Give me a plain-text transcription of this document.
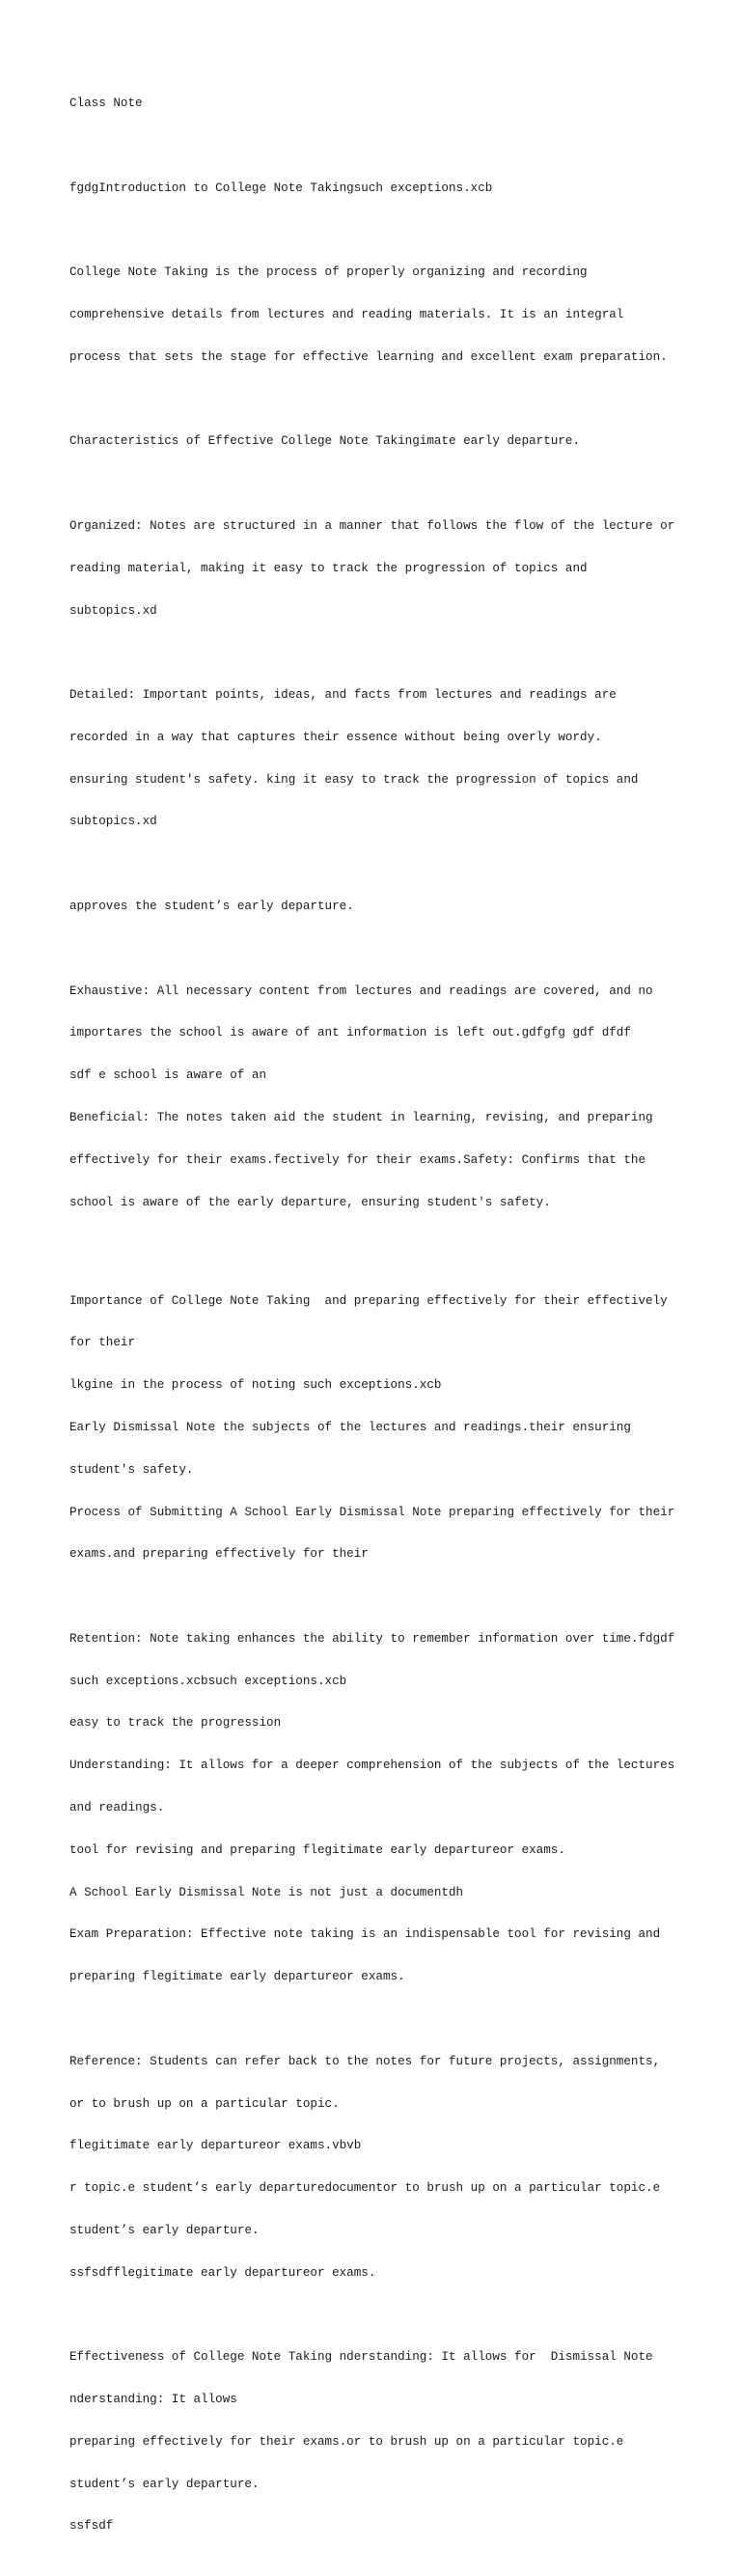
Class Note

fgdgIntroduction to College Note Takingsuch exceptions.xcb

College Note Taking is the process of properly organizing and recording

comprehensive details from lectures and reading materials. It is an integral

process that sets the stage for effective learning and excellent exam preparation.

Characteristics of Effective College Note Takingimate early departure.

Organized: Notes are structured in a manner that follows the flow of the lecture or

reading material, making it easy to track the progression of topics and

subtopics.xd

Detailed: Important points, ideas, and facts from lectures and readings are

recorded in a way that captures their essence without being overly wordy.

ensuring student's safety. king it easy to track the progression of topics and

subtopics.xd

approves the student’s early departure.

Exhaustive: All necessary content from lectures and readings are covered, and no

importares the school is aware of ant information is left out.gdfgfg gdf dfdf

sdf e school is aware of an

Beneficial: The notes taken aid the student in learning, revising, and preparing

effectively for their exams.fectively for their exams.Safety: Confirms that the

school is aware of the early departure, ensuring student's safety.

Importance of College Note Taking  and preparing effectively for their effectively

for their

lkgine in the process of noting such exceptions.xcb

Early Dismissal Note the subjects of the lectures and readings.their ensuring

student's safety.

Process of Submitting A School Early Dismissal Note preparing effectively for their

exams.and preparing effectively for their

Retention: Note taking enhances the ability to remember information over time.fdgdf

such exceptions.xcbsuch exceptions.xcb

easy to track the progression

Understanding: It allows for a deeper comprehension of the subjects of the lectures

and readings.

tool for revising and preparing flegitimate early departureor exams.

A School Early Dismissal Note is not just a documentdh

Exam Preparation: Effective note taking is an indispensable tool for revising and

preparing flegitimate early departureor exams.

Reference: Students can refer back to the notes for future projects, assignments,

or to brush up on a particular topic.

flegitimate early departureor exams.vbvb

r topic.e student’s early departuredocumentor to brush up on a particular topic.e

student’s early departure.

ssfsdfflegitimate early departureor exams.

Effectiveness of College Note Taking nderstanding: It allows for  Dismissal Note

nderstanding: It allows

preparing effectively for their exams.or to brush up on a particular topic.e

student’s early departure.

ssfsdf
